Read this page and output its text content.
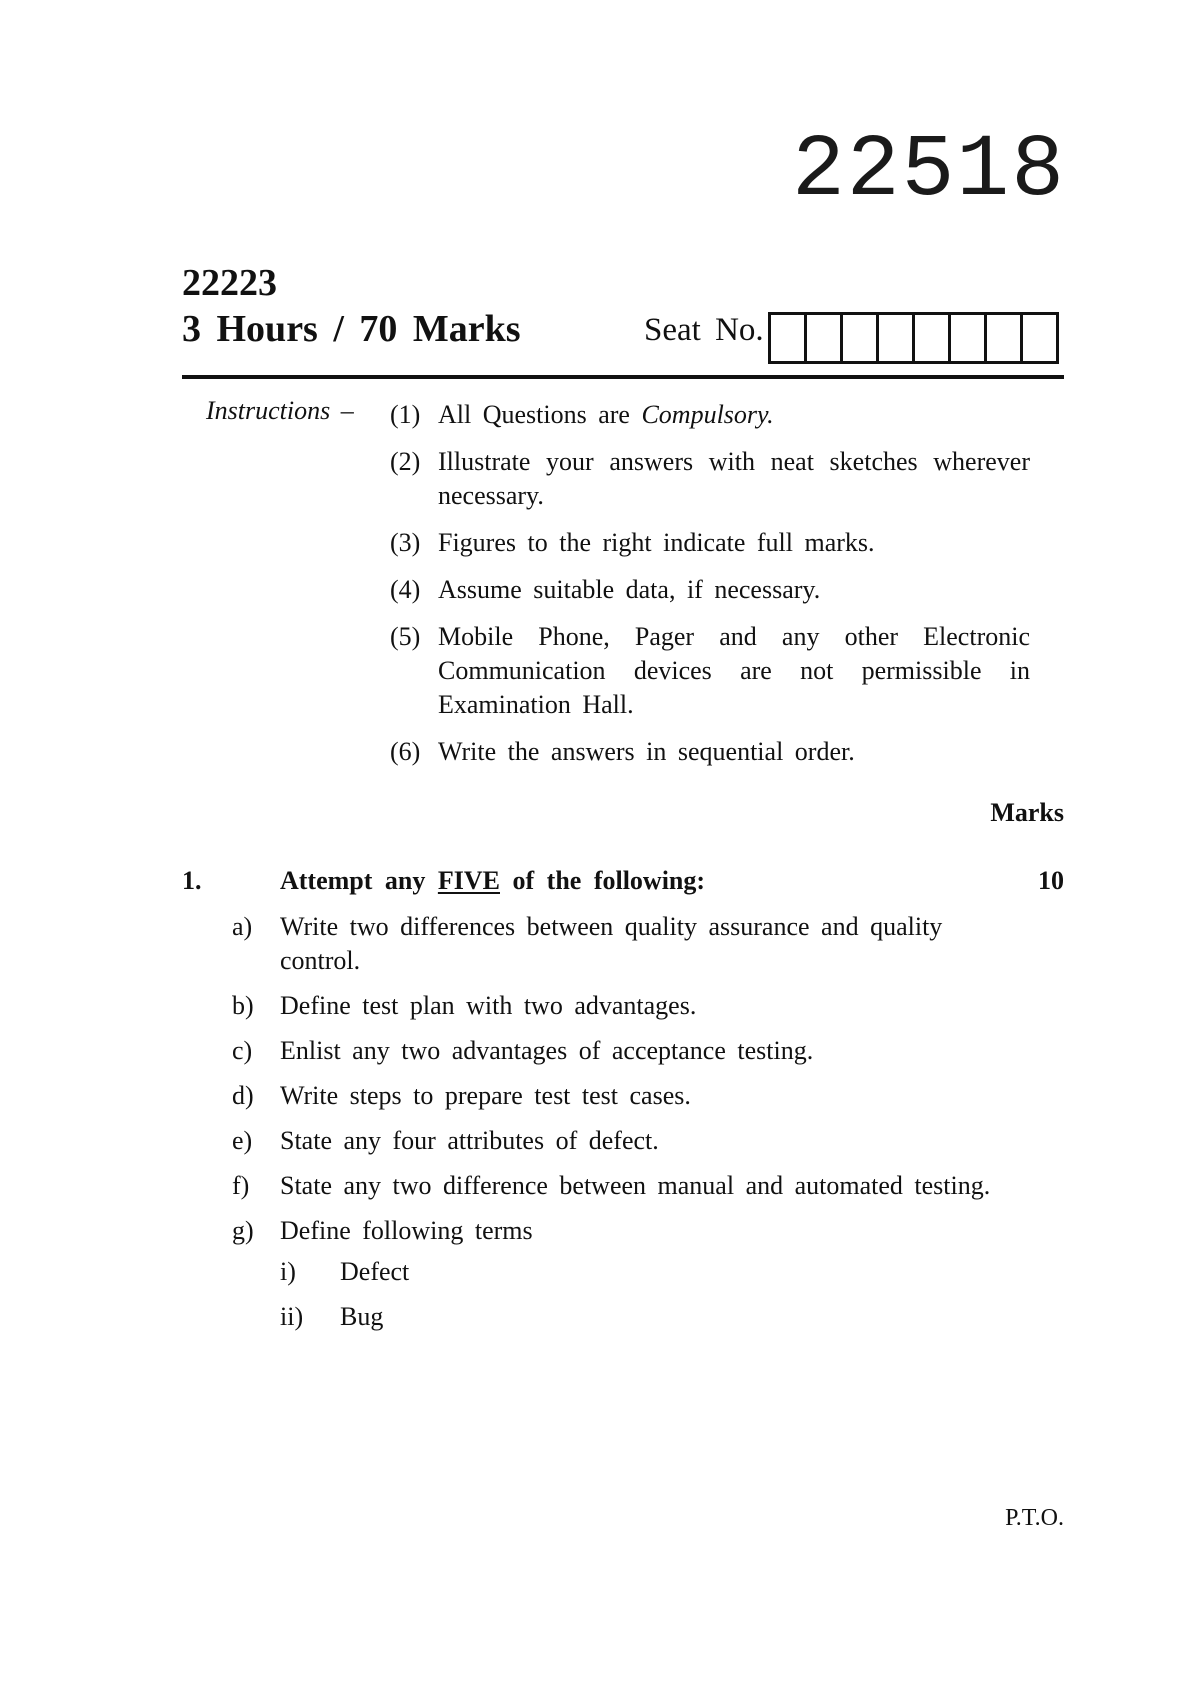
22518
22223
3 Hours / 70 Marks	Seat No.
Instructions – (1) All Questions are Compulsory.
(2) Illustrate your answers with neat sketches wherever necessary.
(3) Figures to the right indicate full marks.
(4) Assume suitable data, if necessary.
(5) Mobile Phone, Pager and any other Electronic Communication devices are not permissible in Examination Hall.
(6) Write the answers in sequential order.
Marks
1.	Attempt any FIVE of the following:	10
a)	Write two differences between quality assurance and quality control.
b)	Define test plan with two advantages.
c)	Enlist any two advantages of acceptance testing.
d)	Write steps to prepare test test cases.
e)	State any four attributes of defect.
f)	State any two difference between manual and automated testing.
g)	Define following terms
i)	Defect
ii)	Bug
P.T.O.
